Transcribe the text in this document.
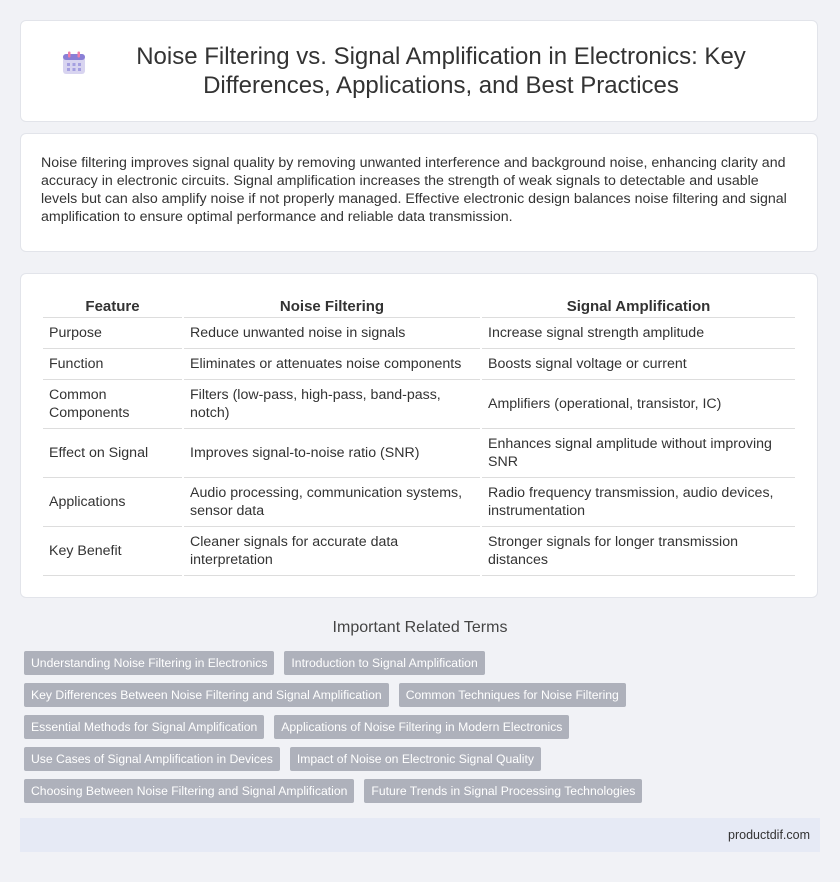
Noise Filtering vs. Signal Amplification in Electronics: Key Differences, Applications, and Best Practices

Noise filtering improves signal quality by removing unwanted interference and background noise, enhancing clarity and accuracy in electronic circuits. Signal amplification increases the strength of weak signals to detectable and usable levels but can also amplify noise if not properly managed. Effective electronic design balances noise filtering and signal amplification to ensure optimal performance and reliable data transmission.

Feature	Noise Filtering	Signal Amplification
Purpose	Reduce unwanted noise in signals	Increase signal strength amplitude
Function	Eliminates or attenuates noise components	Boosts signal voltage or current
Common Components	Filters (low-pass, high-pass, band-pass, notch)	Amplifiers (operational, transistor, IC)
Effect on Signal	Improves signal-to-noise ratio (SNR)	Enhances signal amplitude without improving SNR
Applications	Audio processing, communication systems, sensor data	Radio frequency transmission, audio devices, instrumentation
Key Benefit	Cleaner signals for accurate data interpretation	Stronger signals for longer transmission distances
Important Related Terms
Understanding Noise Filtering in Electronics	Introduction to Signal Amplification
Key Differences Between Noise Filtering and Signal Amplification	Common Techniques for Noise Filtering
Essential Methods for Signal Amplification	Applications of Noise Filtering in Modern Electronics
Use Cases of Signal Amplification in Devices	Impact of Noise on Electronic Signal Quality
Choosing Between Noise Filtering and Signal Amplification	Future Trends in Signal Processing Technologies
productdif.com
